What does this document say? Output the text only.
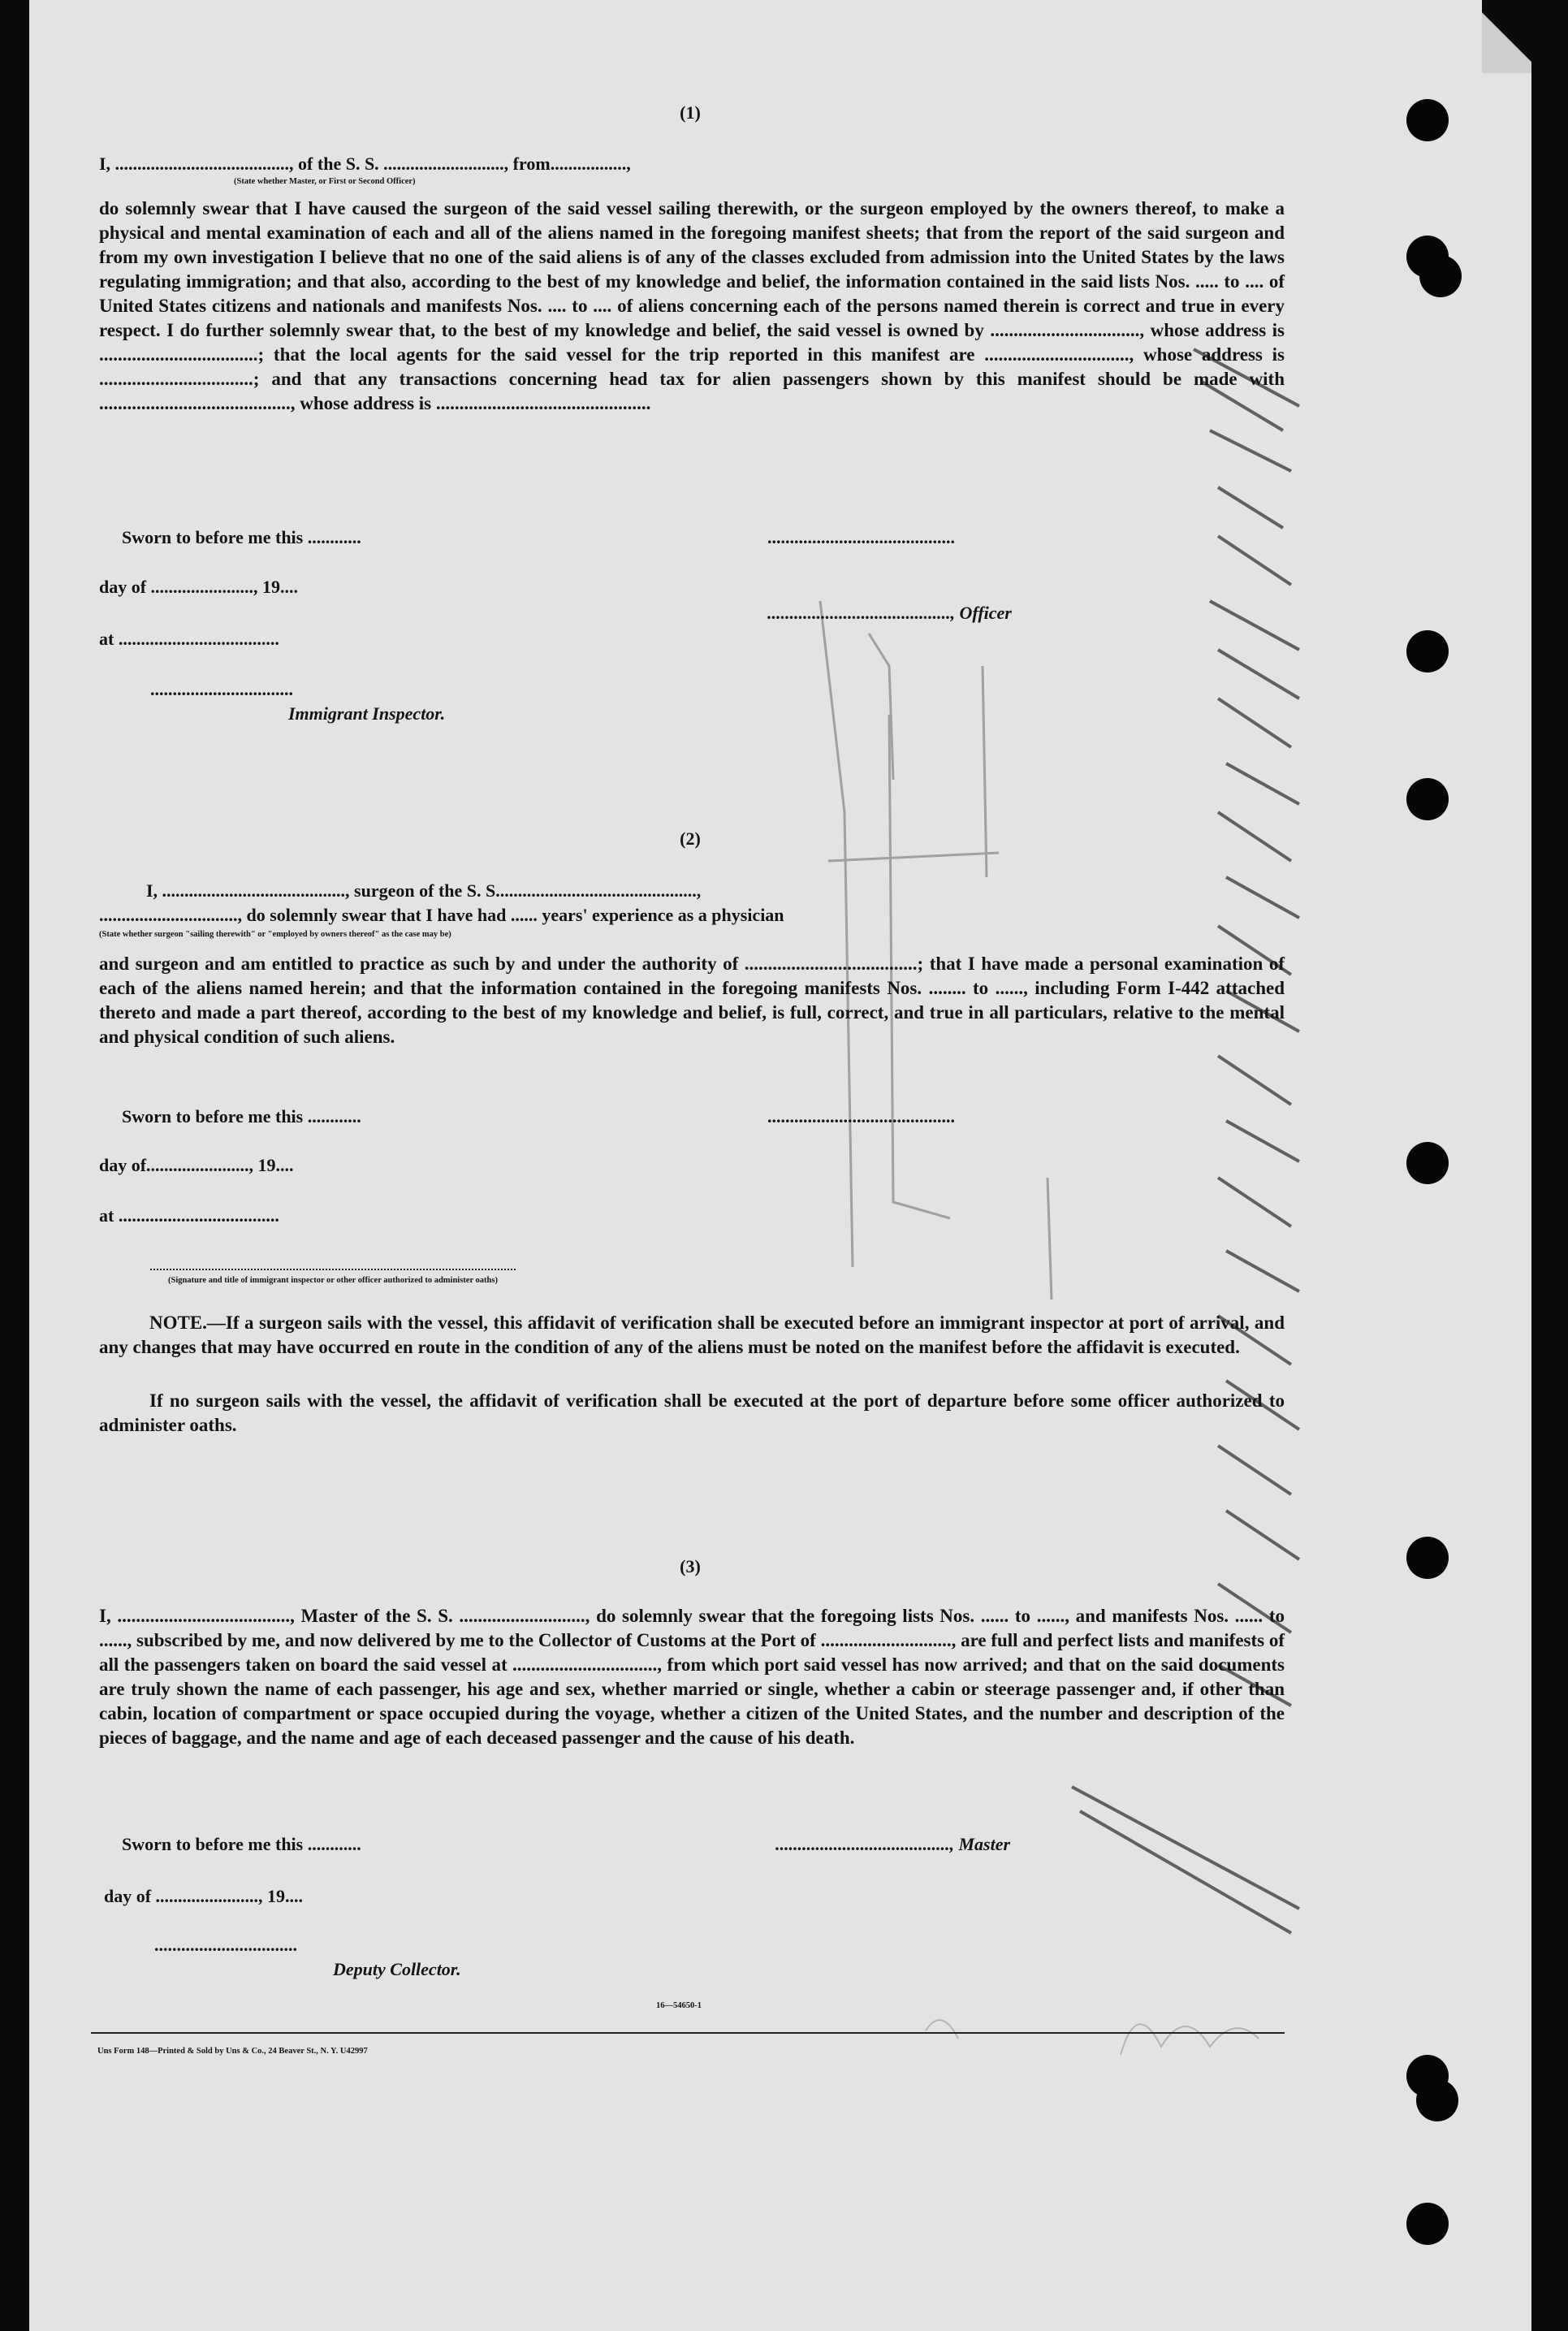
(1)
I, ......................................., of the S. S. ..........................., from.................,
(State whether Master, or First or Second Officer)
do solemnly swear that I have caused the surgeon of the said vessel sailing therewith, or the surgeon employed by the owners thereof, to make a physical and mental examination of each and all of the aliens named in the foregoing manifest sheets; that from the report of the said surgeon and from my own investigation I believe that no one of the said aliens is of any of the classes excluded from admission into the United States by the laws regulating immigration; and that also, according to the best of my knowledge and belief, the information contained in the said lists Nos. ..... to .... of United States citizens and nationals and manifests Nos. .... to .... of aliens concerning each of the persons named therein is correct and true in every respect. I do further solemnly swear that, to the best of my knowledge and belief, the said vessel is owned by ................................, whose address is ..................................; that the local agents for the said vessel for the trip reported in this manifest are ..............................., whose address is .................................; and that any transactions concerning head tax for alien passengers shown by this manifest should be made with ........................................., whose address is ..............................................
Sworn to before me this ............	..........................................
day of ......................., 19....
........................................., Officer
at ....................................
................................
Immigrant Inspector.
(2)
I, ........................................., surgeon of the S. S.............................................,
..............................., do solemnly swear that I have had ...... years' experience as a physician
(State whether surgeon "sailing therewith" or "employed by owners thereof" as the case may be)
and surgeon and am entitled to practice as such by and under the authority of .....................................; that I have made a personal examination of each of the aliens named herein; and that the information contained in the foregoing manifests Nos. ........ to ......, including Form I-442 attached thereto and made a part thereof, according to the best of my knowledge and belief, is full, correct, and true in all particulars, relative to the mental and physical condition of such aliens.
Sworn to before me this ............	..........................................
day of......................., 19....
at ....................................
(Signature and title of immigrant inspector or other officer authorized to administer oaths)
NOTE.—If a surgeon sails with the vessel, this affidavit of verification shall be executed before an immigrant inspector at port of arrival, and any changes that may have occurred en route in the condition of any of the aliens must be noted on the manifest before the affidavit is executed.
If no surgeon sails with the vessel, the affidavit of verification shall be executed at the port of departure before some officer authorized to administer oaths.
(3)
I, ....................................., Master of the S. S. ..........................., do solemnly swear that the foregoing lists Nos. ...... to ......, and manifests Nos. ...... to ......, subscribed by me, and now delivered by me to the Collector of Customs at the Port of ............................, are full and perfect lists and manifests of all the passengers taken on board the said vessel at ..............................., from which port said vessel has now arrived; and that on the said documents are truly shown the name of each passenger, his age and sex, whether married or single, whether a cabin or steerage passenger and, if other than cabin, location of compartment or space occupied during the voyage, whether a citizen of the United States, and the number and description of the pieces of baggage, and the name and age of each deceased passenger and the cause of his death.
Sworn to before me this ............	......................................., Master
day of ......................., 19....
................................
Deputy Collector.
16—54650-1
Uns Form 148—Printed & Sold by Uns & Co., 24 Beaver St., N. Y. U42997
